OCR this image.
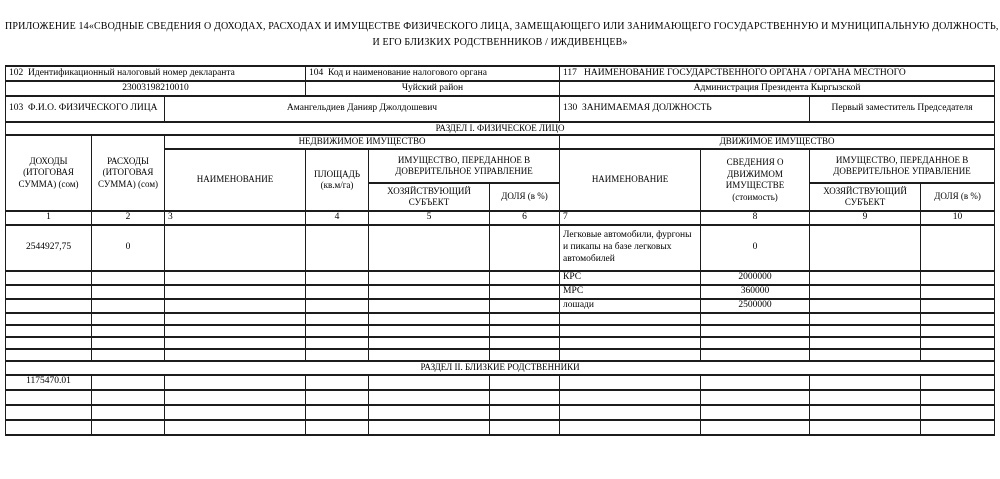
ПРИЛОЖЕНИЕ 14«СВОДНЫЕ СВЕДЕНИЯ О ДОХОДАХ, РАСХОДАХ И ИМУЩЕСТВЕ ФИЗИЧЕСКОГО ЛИЦА, ЗАМЕЩАЮЩЕГО ИЛИ ЗАНИМАЮЩЕГО ГОСУДАРСТВЕННУЮ И МУНИЦИПАЛЬНУЮ ДОЛЖНОСТЬ,
И ЕГО БЛИЗКИХ РОДСТВЕННИКОВ / ИЖДИВЕНЦЕВ»
102  Идентификационный налоговый номер декларанта			104  Код и наименование налогового органа			117   НАИМЕНОВАНИЕ ГОСУДАРСТВЕННОГО ОРГАНА / ОРГАНА МЕСТНОГО			
23003198210010			Чуйский район			Администрация Президента Кыргызской			
103  Ф.И.О. ФИЗИЧЕСКОГО ЛИЦА		Амангельдиев Данияр Джолдошевич				130  ЗАНИМАЕМАЯ ДОЛЖНОСТЬ		Первый заместитель Председателя	
РАЗДЕЛ I. ФИЗИЧЕСКОЕ ЛИЦО									
ДОХОДЫ (ИТОГОВАЯ СУММА) (сом)	РАСХОДЫ (ИТОГОВАЯ СУММА) (сом)	НЕДВИЖИМОЕ ИМУЩЕСТВО				ДВИЖИМОЕ ИМУЩЕСТВО			
		НАИМЕНОВАНИЕ	ПЛОЩАДЬ (кв.м/га)	ИМУЩЕСТВО, ПЕРЕДАННОЕ В ДОВЕРИТЕЛЬНОЕ УПРАВЛЕНИЕ		НАИМЕНОВАНИЕ	СВЕДЕНИЯ О ДВИЖИМОМ ИМУЩЕСТВЕ (стоимость)	ИМУЩЕСТВО, ПЕРЕДАННОЕ В ДОВЕРИТЕЛЬНОЕ УПРАВЛЕНИЕ	
				ХОЗЯЙСТВУЮЩИЙ СУБЪЕКТ	ДОЛЯ (в %)			ХОЗЯЙСТВУЮЩИЙ СУБЪЕКТ	ДОЛЯ (в %)
1	2	3	4	5	6	7	8	9	10
2544927,75	0					Легковые автомобили, фургоны и пикапы на базе легковых автомобилей	0		
						КРС	2000000		
						МРС	360000		
						лошади	2500000		

РАЗДЕЛ II. БЛИЗКИЕ РОДСТВЕННИКИ									
1175470.01									
